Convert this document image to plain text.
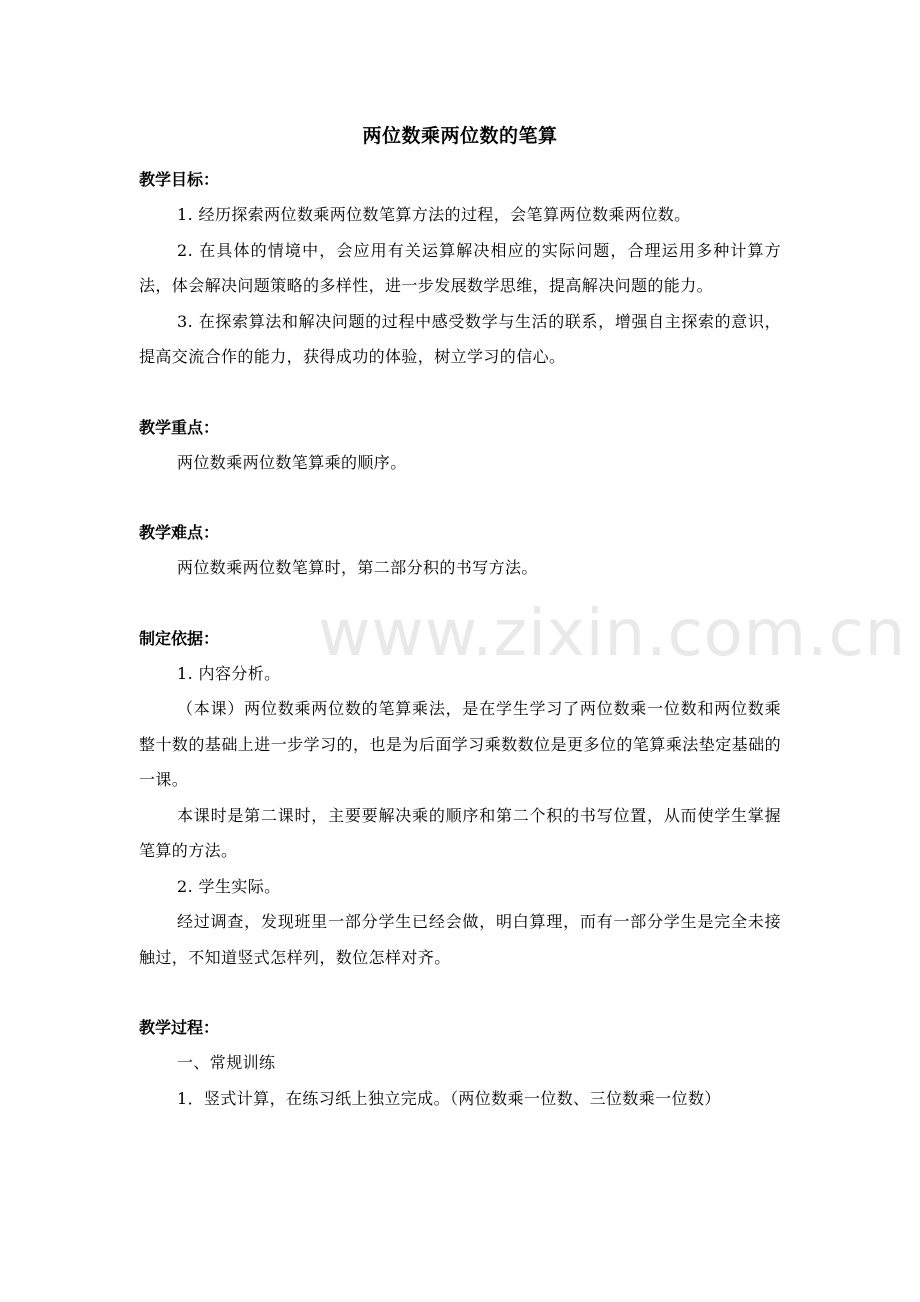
www.zixin.com.cn
两位数乘两位数的笔算

教学目标：

1. 经历探索两位数乘两位数笔算方法的过程，会笔算两位数乘两位数。

2. 在具体的情境中，会应用有关运算解决相应的实际问题，合理运用多种计算方法，体会解决问题策略的多样性，进一步发展数学思维，提高解决问题的能力。

3. 在探索算法和解决问题的过程中感受数学与生活的联系，增强自主探索的意识，提高交流合作的能力，获得成功的体验，树立学习的信心。

教学重点：

两位数乘两位数笔算乘的顺序。

教学难点：

两位数乘两位数笔算时，第二部分积的书写方法。

制定依据：

1. 内容分析。

（本课）两位数乘两位数的笔算乘法，是在学生学习了两位数乘一位数和两位数乘整十数的基础上进一步学习的，也是为后面学习乘数数位是更多位的笔算乘法垫定基础的一课。

本课时是第二课时，主要要解决乘的顺序和第二个积的书写位置，从而使学生掌握笔算的方法。

2. 学生实际。

经过调查，发现班里一部分学生已经会做，明白算理，而有一部分学生是完全未接触过，不知道竖式怎样列，数位怎样对齐。

教学过程：

一、常规训练

1．竖式计算，在练习纸上独立完成。（两位数乘一位数、三位数乘一位数）
